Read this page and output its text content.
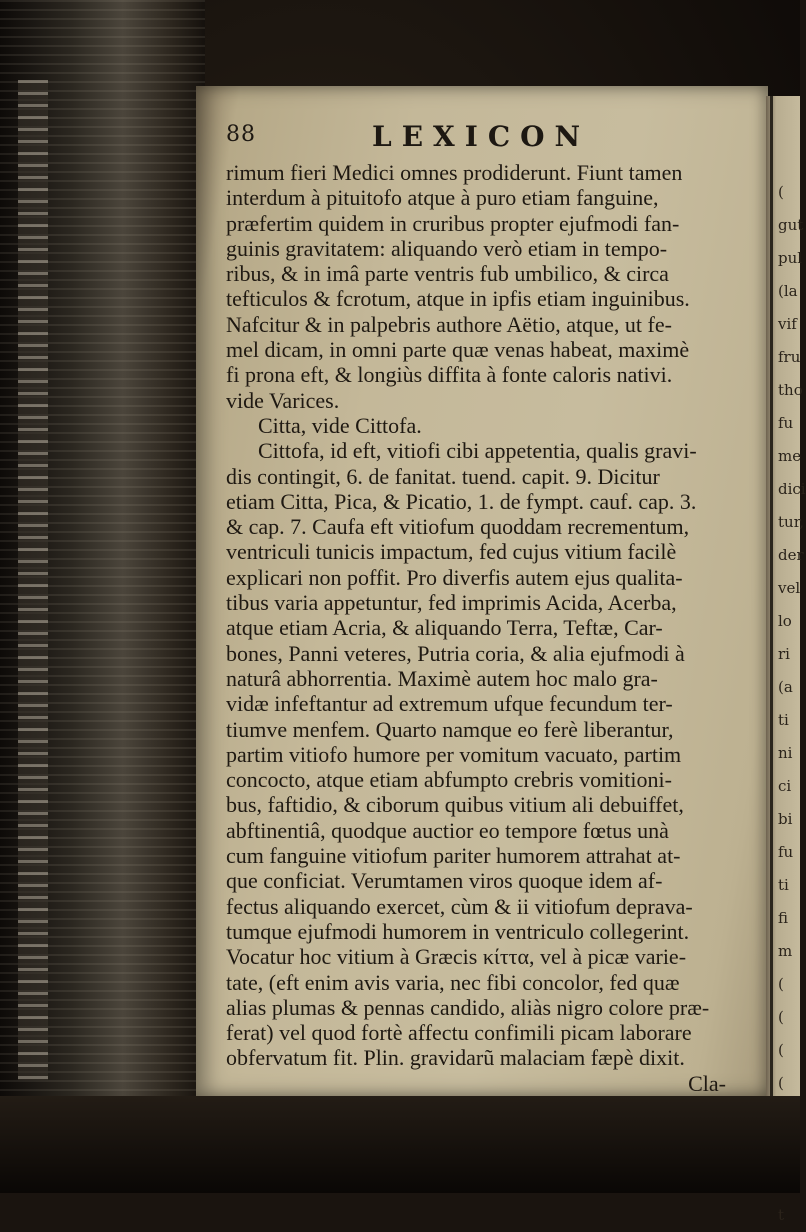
(
gut
pul
(la
vif
fru
tho
fu
me
dici
tur,
der
vel
lo
ri
(a
ti
ni
ci
bi
fu
ti
fi
m
(
(
(
(
t
88	LEXICON
rimum fieri Medici omnes prodiderunt. Fiunt tamen
interdum à pituitofo atque à puro etiam fanguine,
præfertim quidem in cruribus propter ejufmodi fan-
guinis gravitatem: aliquando verò etiam in tempo-
ribus, & in imâ parte ventris fub umbilico, & circa
tefticulos & fcrotum, atque in ipfis etiam inguinibus.
Nafcitur & in palpebris authore Aëtio, atque, ut fe-
mel dicam, in omni parte quæ venas habeat, maximè
fi prona eft, & longiùs diffita à fonte caloris nativi.
vide Varices.
Citta, vide Cittofa.
Cittofa, id eft, vitiofi cibi appetentia, qualis gravi-
dis contingit, 6. de fanitat. tuend. capit. 9. Dicitur
etiam Citta, Pica, & Picatio, 1. de fympt. cauf. cap. 3.
& cap. 7. Caufa eft vitiofum quoddam recrementum,
ventriculi tunicis impactum, fed cujus vitium facilè
explicari non poffit. Pro diverfis autem ejus qualita-
tibus varia appetuntur, fed imprimis Acida, Acerba,
atque etiam Acria, & aliquando Terra, Teftæ, Car-
bones, Panni veteres, Putria coria, & alia ejufmodi à
naturâ abhorrentia. Maximè autem hoc malo gra-
vidæ infeftantur ad extremum ufque fecundum ter-
tiumve menfem. Quarto namque eo ferè liberantur,
partim vitiofo humore per vomitum vacuato, partim
concocto, atque etiam abfumpto crebris vomitioni-
bus, faftidio, & ciborum quibus vitium ali debuiffet,
abftinentiâ, quodque auctior eo tempore fœtus unà
cum fanguine vitiofum pariter humorem attrahat at-
que conficiat. Verumtamen viros quoque idem af-
fectus aliquando exercet, cùm & ii vitiofum deprava-
tumque ejufmodi humorem in ventriculo collegerint.
Vocatur hoc vitium à Græcis κίττα, vel à picæ varie-
tate, (eft enim avis varia, nec fibi concolor, fed quæ
alias plumas & pennas candido, aliàs nigro colore præ-
ferat) vel quod fortè affectu confimili picam laborare
obfervatum fit. Plin. gravidarũ malaciam fæpè dixit.
Cla-
